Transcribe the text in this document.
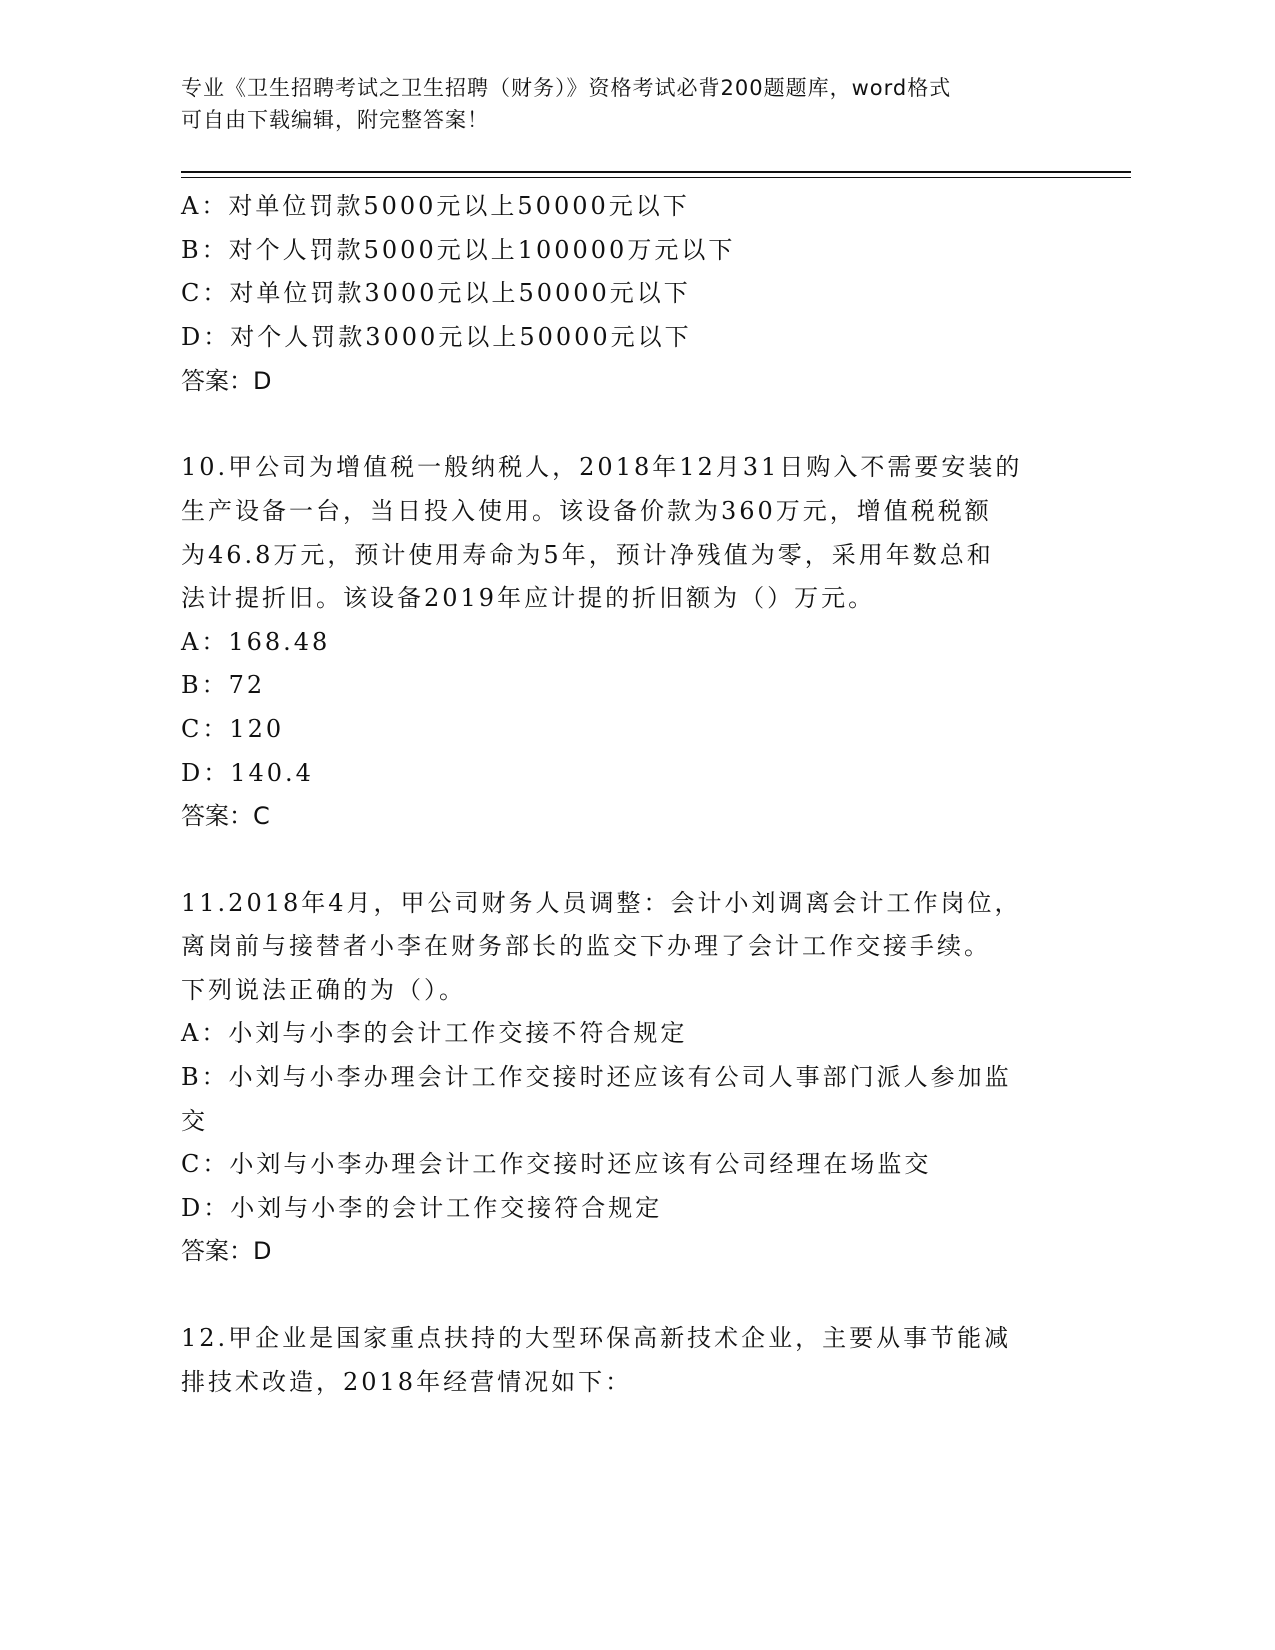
专业《卫生招聘考试之卫生招聘（财务）》资格考试必背200题题库，word格式
可自由下载编辑，附完整答案！
A：对单位罚款5000元以上50000元以下
B：对个人罚款5000元以上100000万元以下
C：对单位罚款3000元以上50000元以下
D：对个人罚款3000元以上50000元以下
答案：D
10.甲公司为增值税一般纳税人，2018年12月31日购入不需要安装的
生产设备一台，当日投入使用。该设备价款为360万元，增值税税额
为46.8万元，预计使用寿命为5年，预计净残值为零，采用年数总和
法计提折旧。该设备2019年应计提的折旧额为（）万元。
A：168.48
B：72
C：120
D：140.4
答案：C
11.2018年4月，甲公司财务人员调整：会计小刘调离会计工作岗位，
离岗前与接替者小李在财务部长的监交下办理了会计工作交接手续。
下列说法正确的为（）。
A：小刘与小李的会计工作交接不符合规定
B：小刘与小李办理会计工作交接时还应该有公司人事部门派人参加监
交
C：小刘与小李办理会计工作交接时还应该有公司经理在场监交
D：小刘与小李的会计工作交接符合规定
答案：D
12.甲企业是国家重点扶持的大型环保高新技术企业，主要从事节能减
排技术改造，2018年经营情况如下：
